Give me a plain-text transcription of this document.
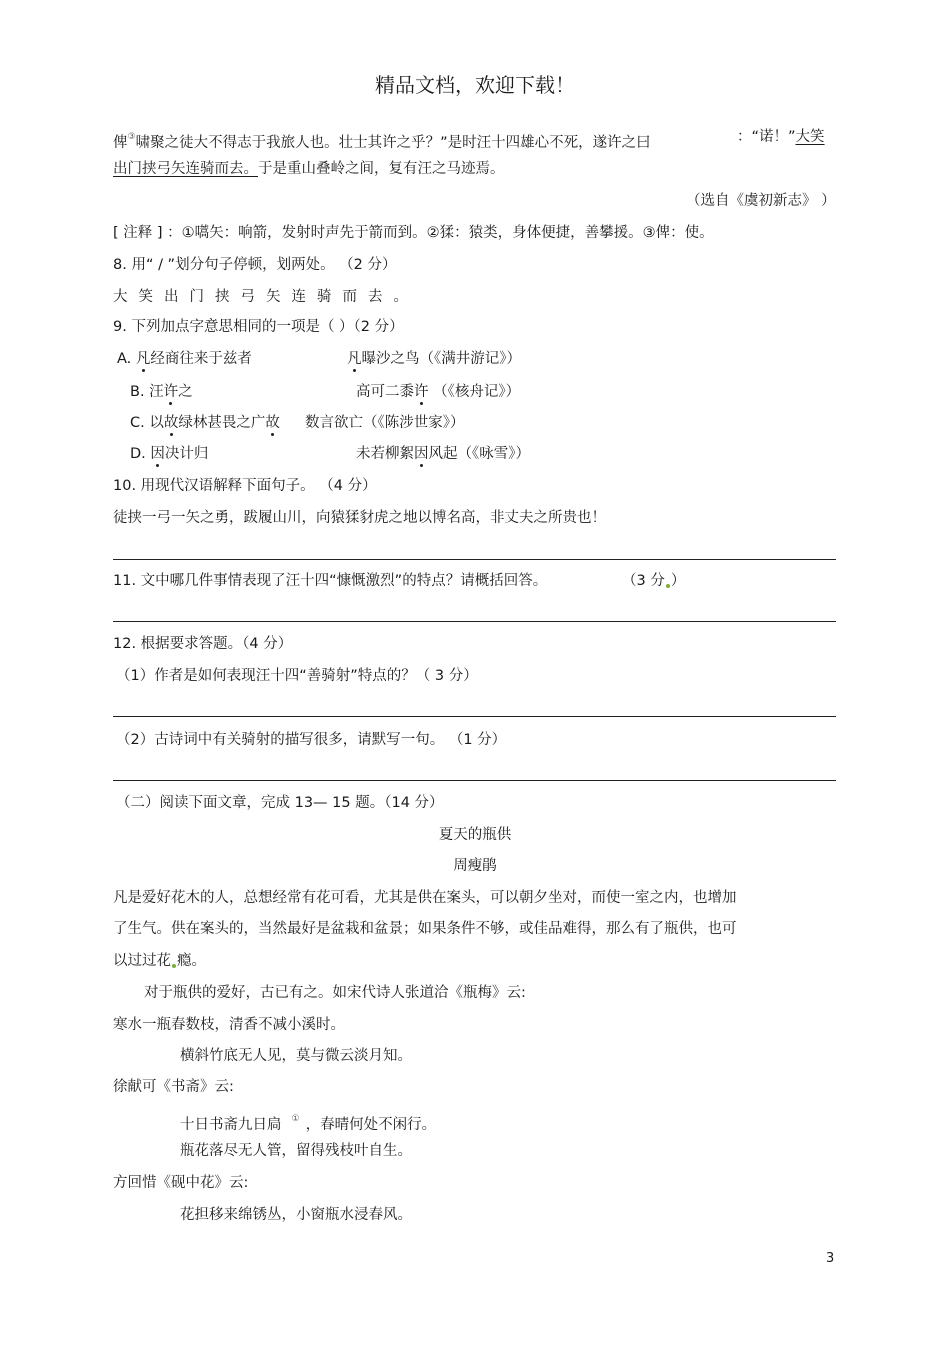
精品文档，欢迎下载！
俾③啸聚之徒大不得志于我旅人也。壮士其许之乎？”是时汪十四雄心不死，遂许之曰	：“诺！”大笑
出门挟弓矢连骑而去。于是重山叠岭之间，复有汪之马迹焉。
（选自《虞初新志》 ）
[ 注释 ] ：①嚆矢：响箭，发射时声先于箭而到。②猱：猿类，身体便捷，善攀援。③俾：使。
8. 用“ / ”划分句子停顿，划两处。 （2 分）
大笑出门挟弓矢连骑而去。
9. 下列加点字意思相同的一项是（ ）（2 分）
A. 凡经商往来于兹者	凡曝沙之鸟（《满井游记》）
B. 汪许之	高可二黍许 （《核舟记》）
C. 以故绿林甚畏之广故 数言欲亡（《陈涉世家》）
D. 因决计归	未若柳絮因风起（《咏雪》）
10. 用现代汉语解释下面句子。 （4 分）
徒挟一弓一矢之勇，跋履山川，向猿猱豺虎之地以博名高，非丈夫之所贵也！
11. 文中哪几件事情表现了汪十四“慷慨激烈”的特点？请概括回答。	（3 分 ）
12. 根据要求答题。（4 分）
（1）作者是如何表现汪十四“善骑射”特点的？（ 3 分）
（2）古诗词中有关骑射的描写很多，请默写一句。 （1 分）
（二）阅读下面文章，完成 13— 15 题。（14 分）
夏天的瓶供
周瘦鹃
凡是爱好花木的人，总想经常有花可看，尤其是供在案头，可以朝夕坐对，而使一室之内，也增加
了生气。供在案头的，当然最好是盆栽和盆景；如果条件不够，或佳品难得，那么有了瓶供，也可
以过过花 瘾。
对于瓶供的爱好，古已有之。如宋代诗人张道洽《瓶梅》云:
寒水一瓶春数枝，清香不减小溪时。
横斜竹底无人见，莫与微云淡月知。
徐献可《书斋》云:
十日书斋九日扃 ① ，春晴何处不闲行。
瓶花落尽无人管，留得残枝叶自生。
方回惜《砚中花》云:
花担移来绵锈丛，小窗瓶水浸春风。
3
